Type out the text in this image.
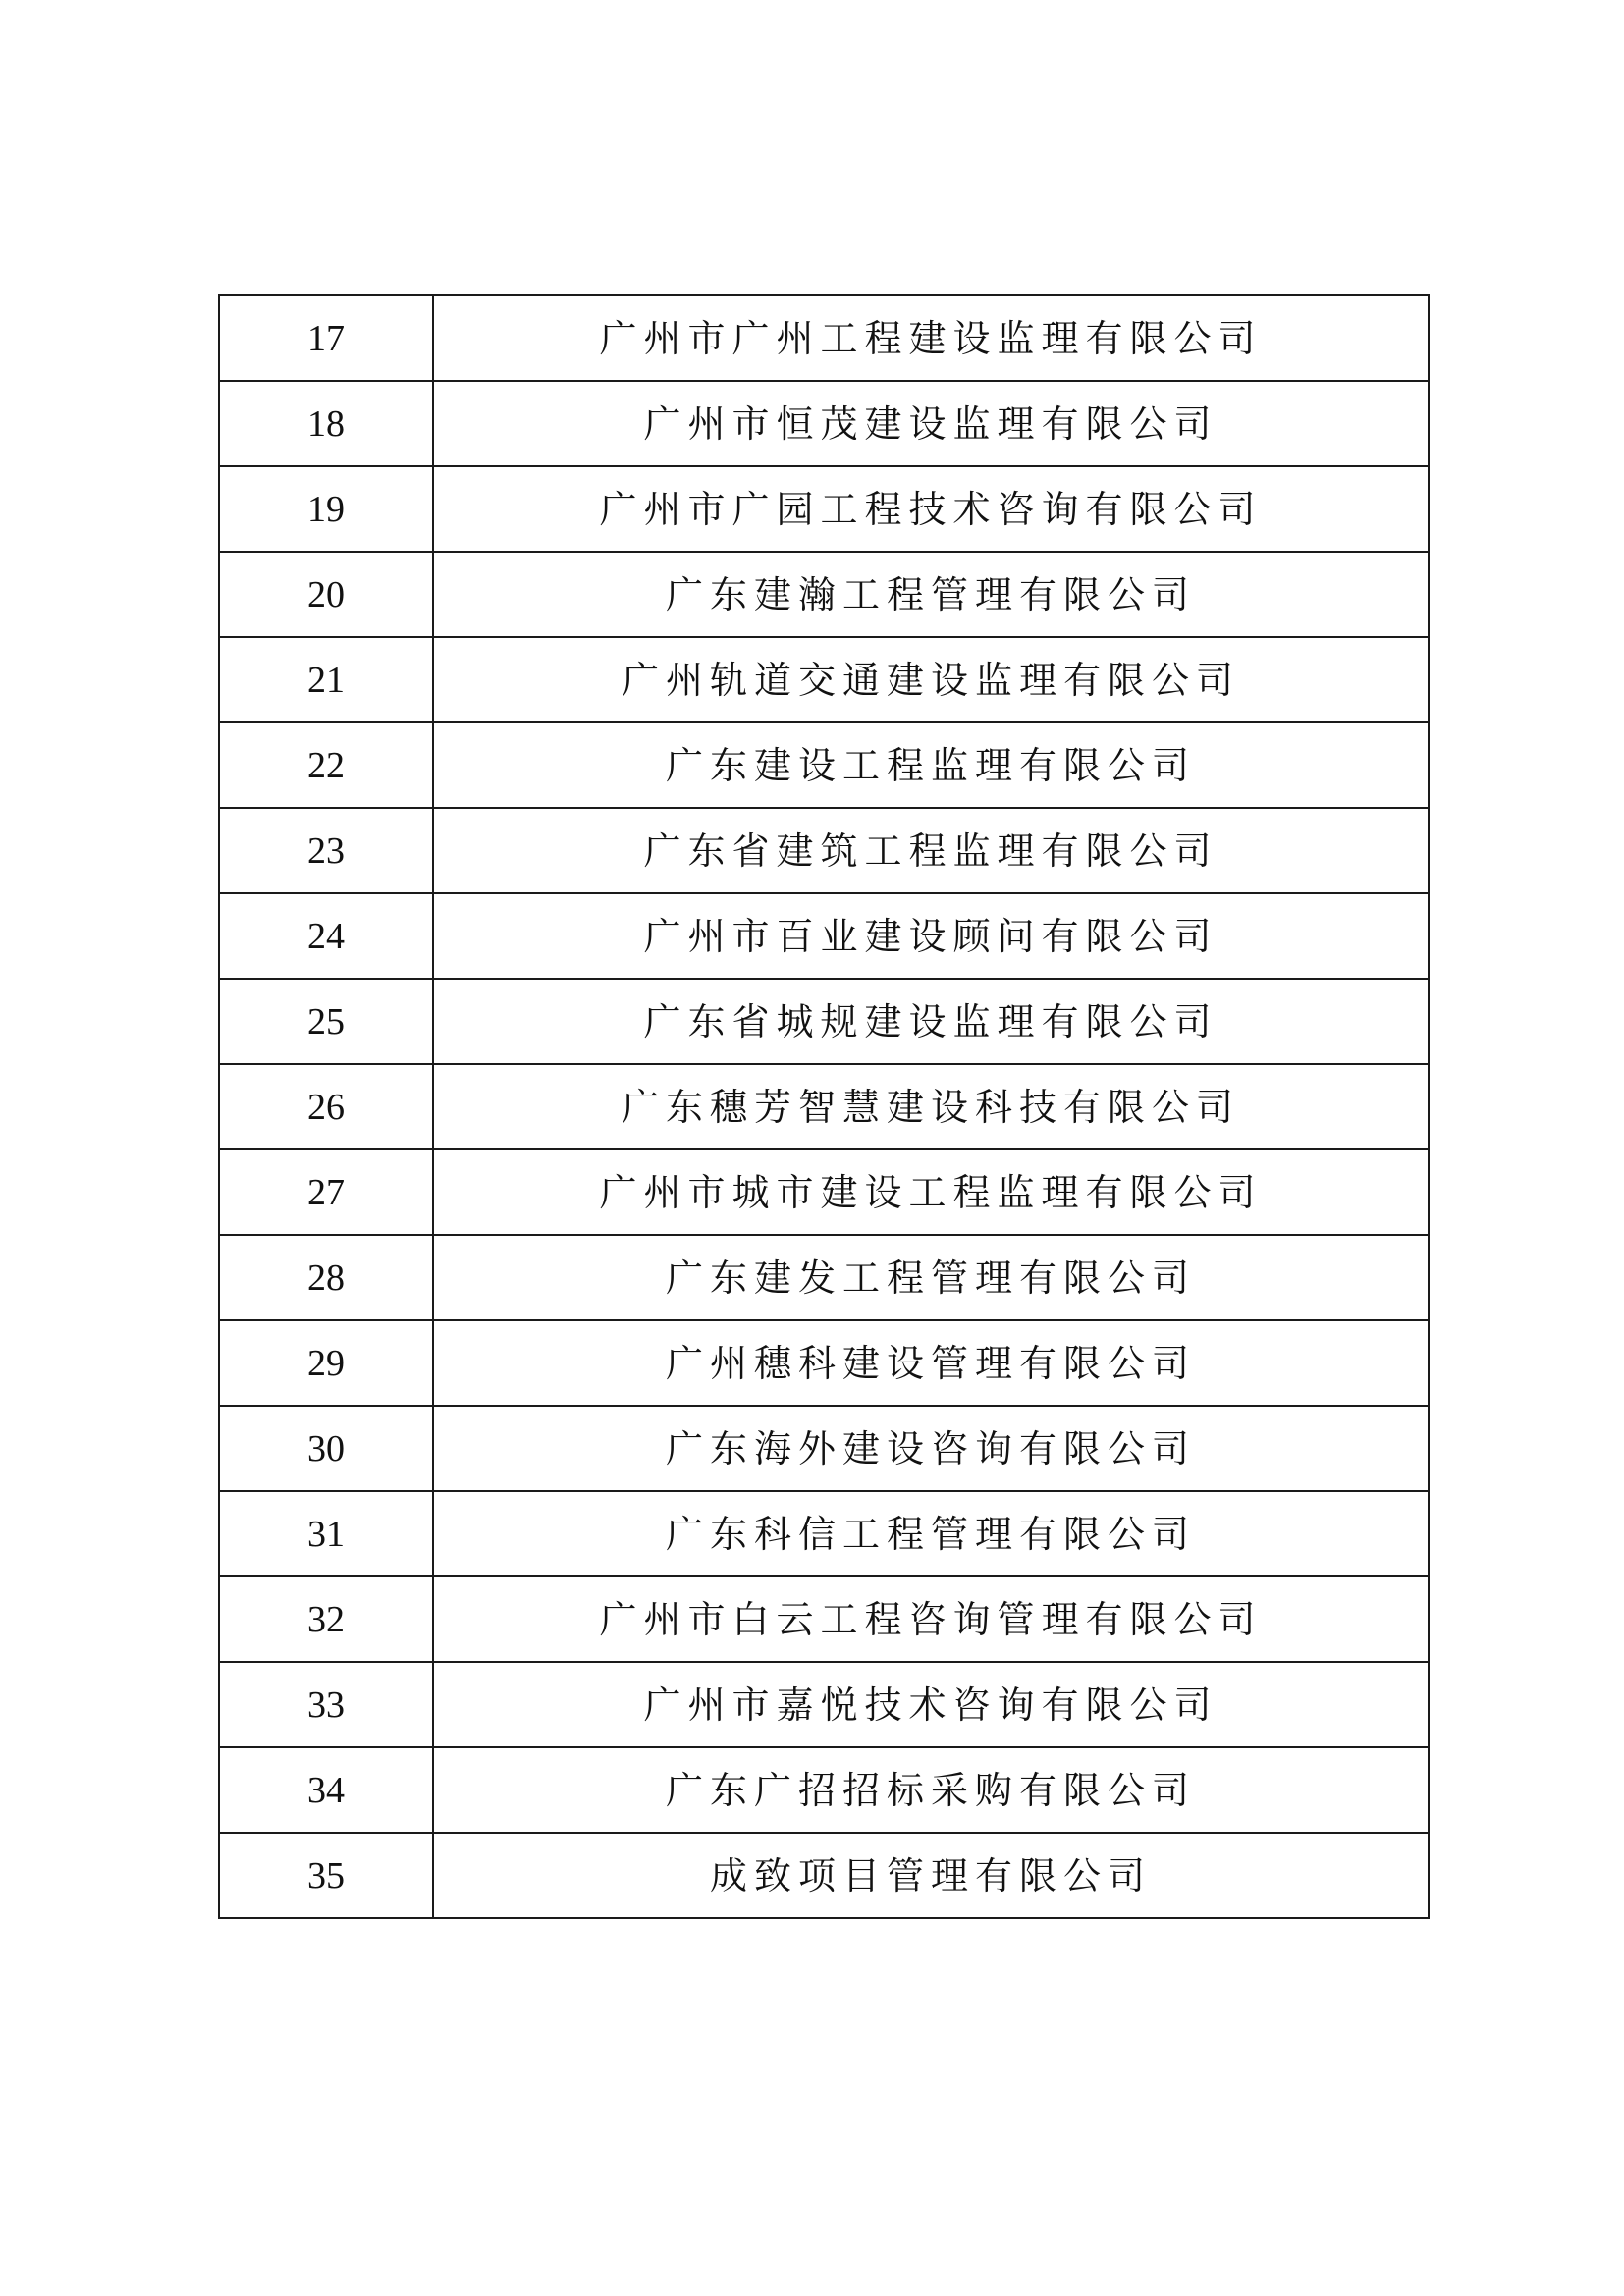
17	广州市广州工程建设监理有限公司
18	广州市恒茂建设监理有限公司
19	广州市广园工程技术咨询有限公司
20	广东建瀚工程管理有限公司
21	广州轨道交通建设监理有限公司
22	广东建设工程监理有限公司
23	广东省建筑工程监理有限公司
24	广州市百业建设顾问有限公司
25	广东省城规建设监理有限公司
26	广东穗芳智慧建设科技有限公司
27	广州市城市建设工程监理有限公司
28	广东建发工程管理有限公司
29	广州穗科建设管理有限公司
30	广东海外建设咨询有限公司
31	广东科信工程管理有限公司
32	广州市白云工程咨询管理有限公司
33	广州市嘉悦技术咨询有限公司
34	广东广招招标采购有限公司
35	成致项目管理有限公司
